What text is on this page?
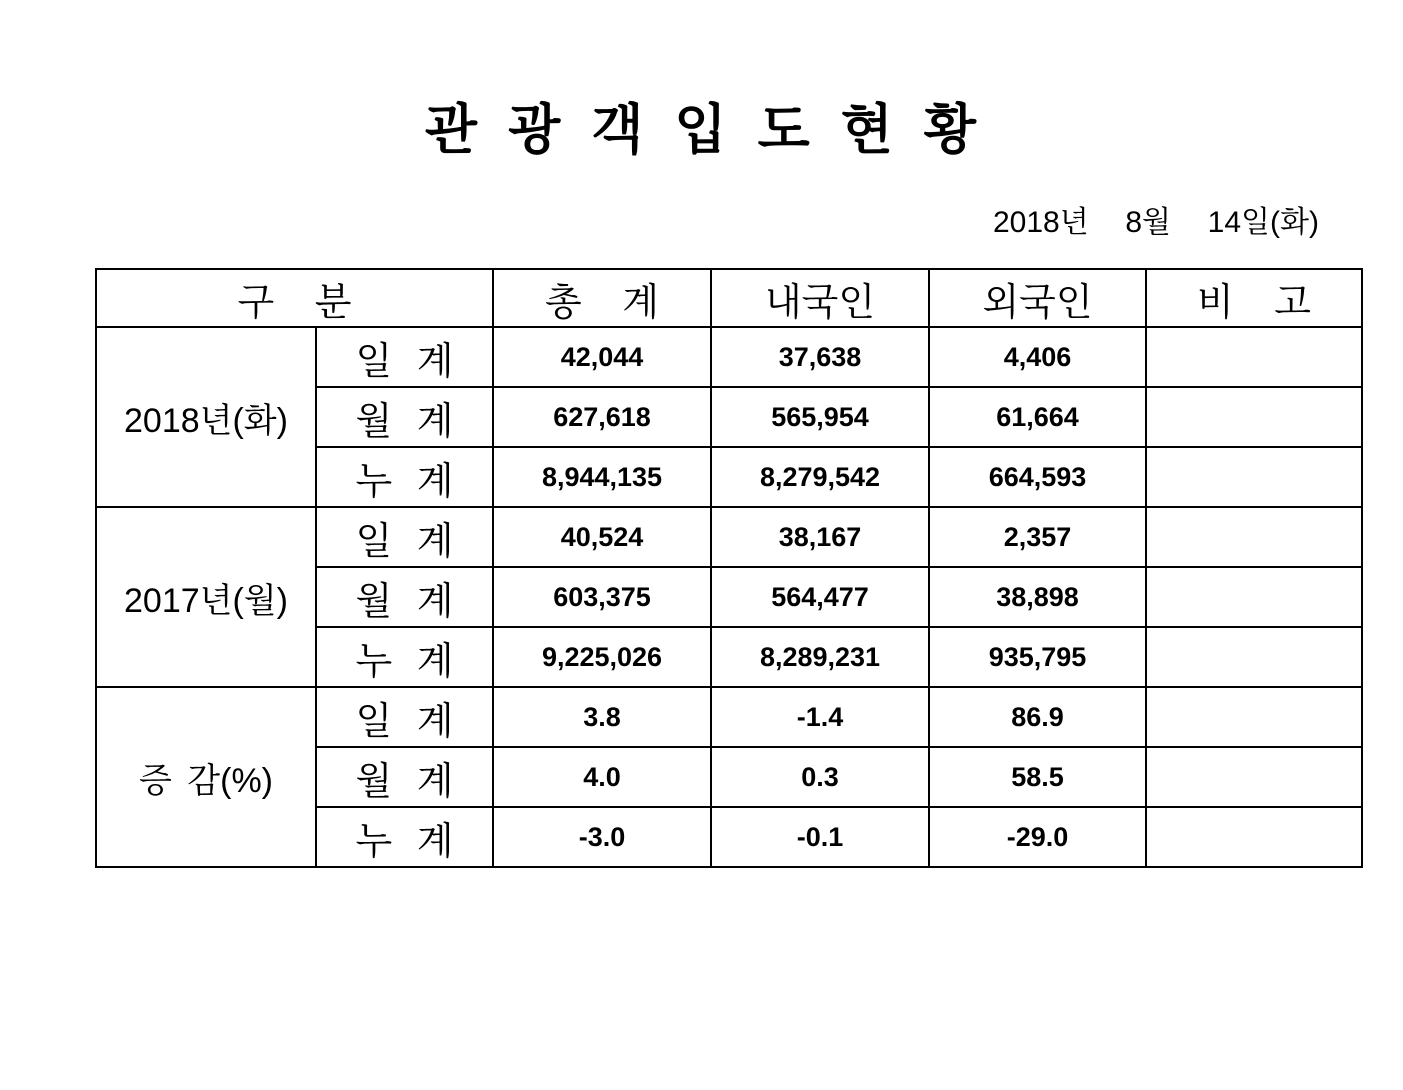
관 광 객 입 도 현 황
2018년  8월  14일(화)
구 분		총 계	내국인	외국인	비 고
2018년(화)	일 계	42,044	37,638	4,406	
	월 계	627,618	565,954	61,664	
	누 계	8,944,135	8,279,542	664,593	
2017년(월)	일 계	40,524	38,167	2,357	
	월 계	603,375	564,477	38,898	
	누 계	9,225,026	8,289,231	935,795	
증 감(%)	일 계	3.8	-1.4	86.9	
	월 계	4.0	0.3	58.5	
	누 계	-3.0	-0.1	-29.0	
